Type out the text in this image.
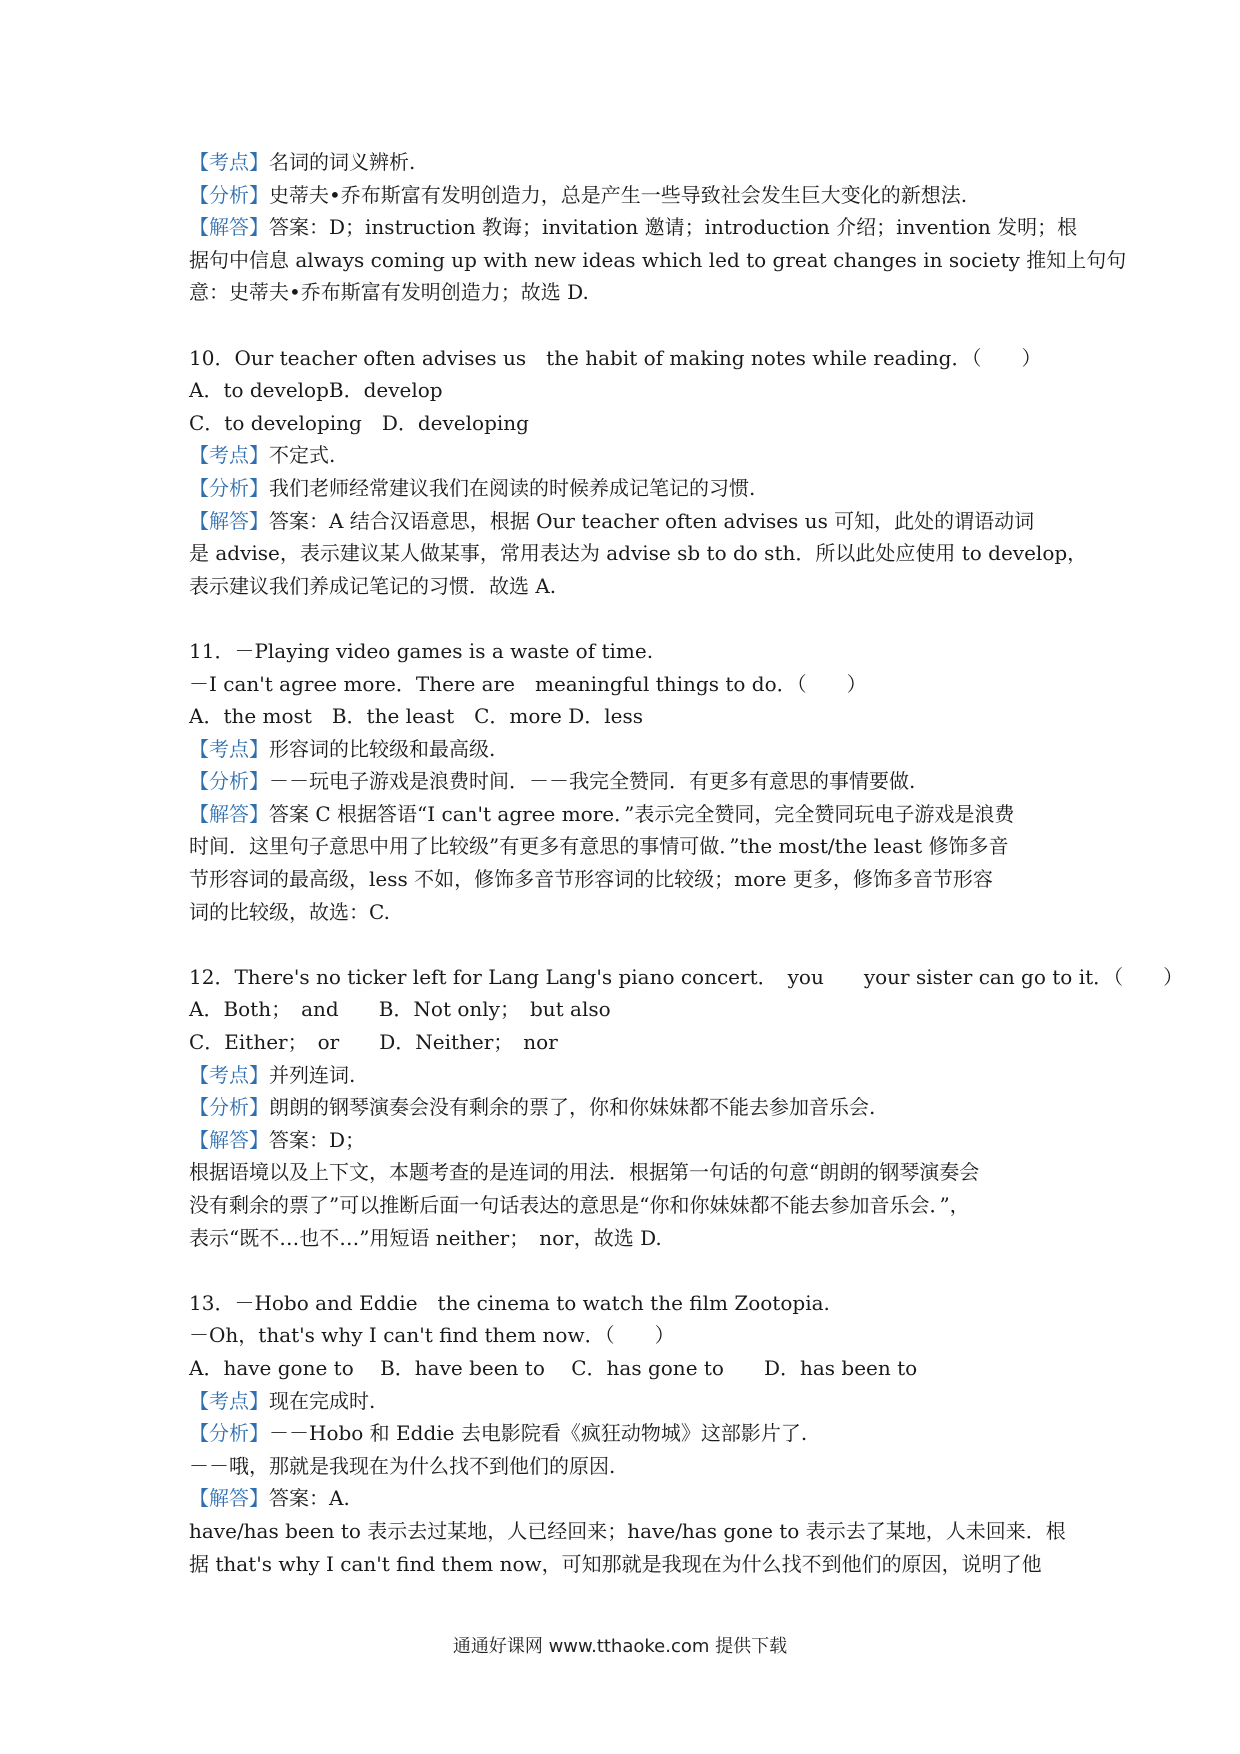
【考点】名词的词义辨析.
【分析】史蒂夫•乔布斯富有发明创造力，总是产生一些导致社会发生巨大变化的新想法.
【解答】答案：D；instruction 教诲；invitation 邀请；introduction 介绍；invention 发明；根
据句中信息 always coming up with new ideas which led to great changes in society 推知上句句
意：史蒂夫•乔布斯富有发明创造力；故选 D.
10．Our teacher often advises us　the habit of making notes while reading．（　　）
A．to developB．develop
C．to developing　D．developing
【考点】不定式.
【分析】我们老师经常建议我们在阅读的时候养成记笔记的习惯.
【解答】答案：A 结合汉语意思，根据 Our teacher often advises us 可知，此处的谓语动词
是 advise，表示建议某人做某事，常用表达为 advise sb to do sth．所以此处应使用 to develop，
表示建议我们养成记笔记的习惯．故选 A.
11．－Playing video games is a waste of time.
－I can't agree more．There are　meaningful things to do．（　　）
A．the most　B．the least　C．more D．less
【考点】形容词的比较级和最高级.
【分析】－－玩电子游戏是浪费时间．－－我完全赞同．有更多有意思的事情要做.
【解答】答案 C 根据答语“I can't agree more．”表示完全赞同，完全赞同玩电子游戏是浪费
时间．这里句子意思中用了比较级”有更多有意思的事情可做．”the most/the least 修饰多音
节形容词的最高级，less 不如，修饰多音节形容词的比较级；more 更多，修饰多音节形容
词的比较级，故选：C.
12．There's no ticker left for Lang Lang's piano concert．　you　　your sister can go to it．（　　）
A．Both；　and　　B．Not only；　but also
C．Either；　or　　D．Neither；　nor
【考点】并列连词.
【分析】朗朗的钢琴演奏会没有剩余的票了，你和你妹妹都不能去参加音乐会.
【解答】答案：D；
根据语境以及上下文，本题考查的是连词的用法．根据第一句话的句意“朗朗的钢琴演奏会
没有剩余的票了”可以推断后面一句话表达的意思是“你和你妹妹都不能去参加音乐会．”，
表示“既不…也不…”用短语 neither；　nor，故选 D.
13．－Hobo and Eddie　the cinema to watch the film Zootopia.
－Oh，that's why I can't find them now．（　　）
A．have gone to　 B．have been to　 C．has gone to　　D．has been to
【考点】现在完成时.
【分析】－－Hobo 和 Eddie 去电影院看《疯狂动物城》这部影片了.
－－哦，那就是我现在为什么找不到他们的原因.
【解答】答案：A.
have/has been to 表示去过某地，人已经回来；have/has gone to 表示去了某地，人未回来．根
据 that's why I can't find them now，可知那就是我现在为什么找不到他们的原因，说明了他
通通好课网 www.tthaoke.com 提供下载
